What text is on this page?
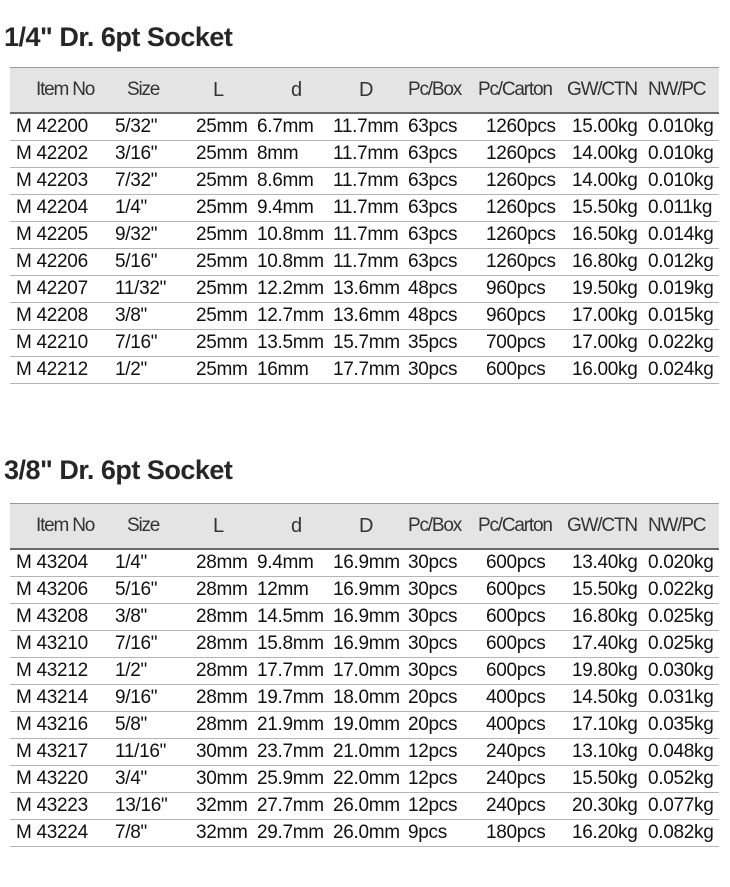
1/4" Dr. 6pt Socket
Item No	Size	L	d	D	Pc/Box	Pc/Carton	GW/CTN	NW/PC
M 42200	5/32"	25mm	6.7mm	11.7mm	63pcs	1260pcs	15.00kg	0.010kg
M 42202	3/16"	25mm	8mm	11.7mm	63pcs	1260pcs	14.00kg	0.010kg
M 42203	7/32"	25mm	8.6mm	11.7mm	63pcs	1260pcs	14.00kg	0.010kg
M 42204	1/4"	25mm	9.4mm	11.7mm	63pcs	1260pcs	15.50kg	0.011kg
M 42205	9/32"	25mm	10.8mm	11.7mm	63pcs	1260pcs	16.50kg	0.014kg
M 42206	5/16"	25mm	10.8mm	11.7mm	63pcs	1260pcs	16.80kg	0.012kg
M 42207	11/32"	25mm	12.2mm	13.6mm	48pcs	960pcs	19.50kg	0.019kg
M 42208	3/8"	25mm	12.7mm	13.6mm	48pcs	960pcs	17.00kg	0.015kg
M 42210	7/16"	25mm	13.5mm	15.7mm	35pcs	700pcs	17.00kg	0.022kg
M 42212	1/2"	25mm	16mm	17.7mm	30pcs	600pcs	16.00kg	0.024kg
3/8" Dr. 6pt Socket
Item No	Size	L	d	D	Pc/Box	Pc/Carton	GW/CTN	NW/PC
M 43204	1/4"	28mm	9.4mm	16.9mm	30pcs	600pcs	13.40kg	0.020kg
M 43206	5/16"	28mm	12mm	16.9mm	30pcs	600pcs	15.50kg	0.022kg
M 43208	3/8"	28mm	14.5mm	16.9mm	30pcs	600pcs	16.80kg	0.025kg
M 43210	7/16"	28mm	15.8mm	16.9mm	30pcs	600pcs	17.40kg	0.025kg
M 43212	1/2"	28mm	17.7mm	17.0mm	30pcs	600pcs	19.80kg	0.030kg
M 43214	9/16"	28mm	19.7mm	18.0mm	20pcs	400pcs	14.50kg	0.031kg
M 43216	5/8"	28mm	21.9mm	19.0mm	20pcs	400pcs	17.10kg	0.035kg
M 43217	11/16"	30mm	23.7mm	21.0mm	12pcs	240pcs	13.10kg	0.048kg
M 43220	3/4"	30mm	25.9mm	22.0mm	12pcs	240pcs	15.50kg	0.052kg
M 43223	13/16"	32mm	27.7mm	26.0mm	12pcs	240pcs	20.30kg	0.077kg
M 43224	7/8"	32mm	29.7mm	26.0mm	9pcs	180pcs	16.20kg	0.082kg
